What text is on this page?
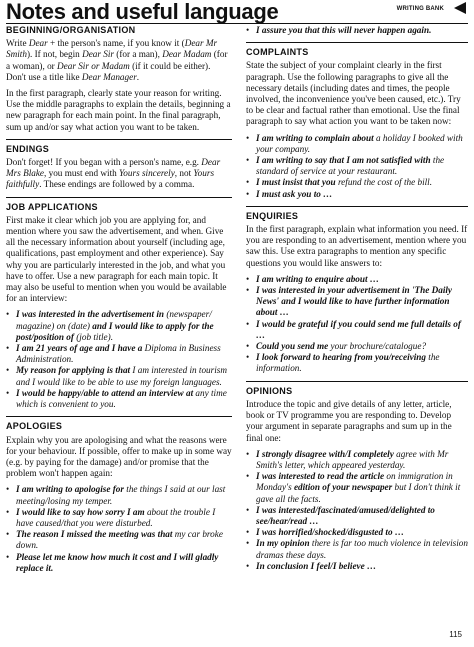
Notes and useful language	WRITING BANK
BEGINNING/ORGANISATION

Write Dear + the person's name, if you know it (Dear Mr Smith). If not, begin Dear Sir (for a man), Dear Madam (for a woman), or Dear Sir or Madam (if it could be either). Don't use a title like Dear Manager.

In the first paragraph, clearly state your reason for writing. Use the middle paragraphs to explain the details, beginning a new paragraph for each main point. In the final paragraph, sum up and/or say what action you want to be taken.

ENDINGS

Don't forget! If you began with a person's name, e.g. Dear Mrs Blake, you must end with Yours sincerely, not Yours faithfully. These endings are followed by a comma.

JOB APPLICATIONS

First make it clear which job you are applying for, and mention where you saw the advertisement, and when. Give all the necessary information about yourself (including age, qualifications, past employment and other experience). Say why you are particularly interested in the job, and what you have to offer. Use a new paragraph for each main topic. It may also be useful to mention when you would be available for an interview:

• I was interested in the advertisement in (newspaper/ magazine) on (date) and I would like to apply for the post/position of (job title).
• I am 21 years of age and I have a Diploma in Business Administration.
• My reason for applying is that I am interested in tourism and I would like to be able to use my foreign languages.
• I would be happy/able to attend an interview at any time which is convenient to you.
APOLOGIES

Explain why you are apologising and what the reasons were for your behaviour. If possible, offer to make up in some way (e.g. by paying for the damage) and/or promise that the problem won't happen again:

• I am writing to apologise for the things I said at our last meeting/losing my temper.
• I would like to say how sorry I am about the trouble I have caused/that you were disturbed.
• The reason I missed the meeting was that my car broke down.
• Please let me know how much it cost and I will gladly replace it.
• I assure you that this will never happen again.
COMPLAINTS

State the subject of your complaint clearly in the first paragraph. Use the following paragraphs to give all the necessary details (including dates and times, the people involved, the inconvenience you've been caused, etc.). Try to be clear and factual rather than emotional. Use the final paragraph to say what action you want to be taken now:

• I am writing to complain about a holiday I booked with your company.
• I am writing to say that I am not satisfied with the standard of service at your restaurant.
• I must insist that you refund the cost of the bill.
• I must ask you to …
ENQUIRIES

In the first paragraph, explain what information you need. If you are responding to an advertisement, mention where you saw this. Use extra paragraphs to mention any specific questions you would like answers to:

• I am writing to enquire about …
• I was interested in your advertisement in 'The Daily News' and I would like to have further information about …
• I would be grateful if you could send me full details of …
• Could you send me your brochure/catalogue?
• I look forward to hearing from you/receiving the information.
OPINIONS

Introduce the topic and give details of any letter, article, book or TV programme you are responding to. Develop your argument in separate paragraphs and sum up in the final one:

• I strongly disagree with/I completely agree with Mr Smith's letter, which appeared yesterday.
• I was interested to read the article on immigration in Monday's edition of your newspaper but I don't think it gave all the facts.
• I was interested/fascinated/amused/delighted to see/hear/read …
• I was horrified/shocked/disgusted to …
• In my opinion there is far too much violence in television dramas these days.
• In conclusion I feel/I believe …
115
